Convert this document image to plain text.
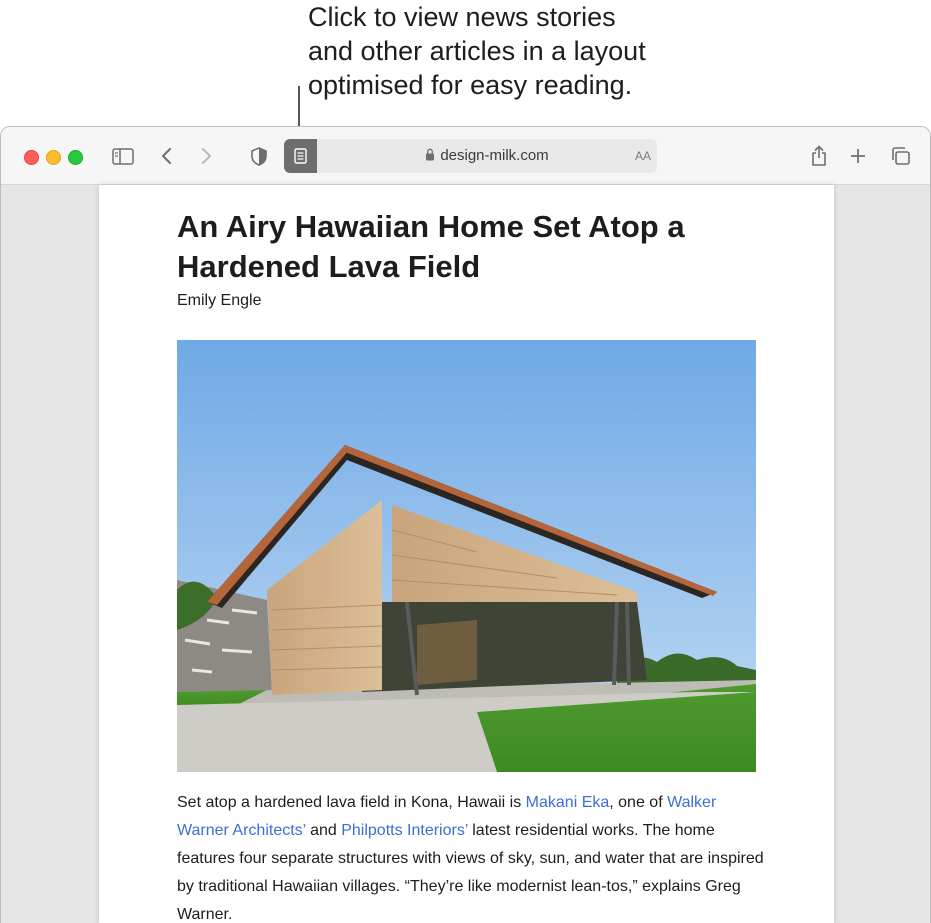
Click to view news stories
and other articles in a layout
optimised for easy reading.
design-milk.com	AA
An Airy Hawaiian Home Set Atop a Hardened Lava Field
Emily Engle
Set atop a hardened lava field in Kona, Hawaii is Makani Eka, one of Walker Warner Architects’ and Philpotts Interiors’ latest residential works. The home features four separate structures with views of sky, sun, and water that are inspired by traditional Hawaiian villages. “They’re like modernist lean-tos,” explains Greg Warner.
